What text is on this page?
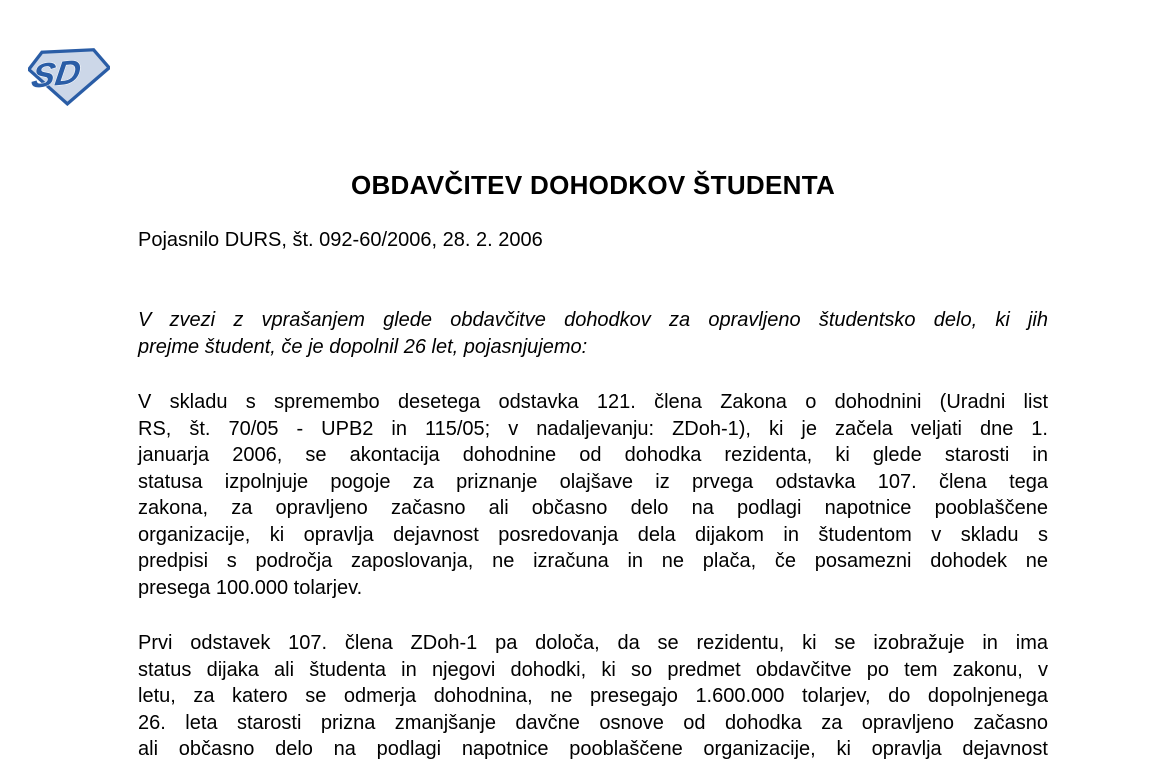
SD
OBDAVČITEV DOHODKOV ŠTUDENTA

Pojasnilo DURS, št. 092-60/2006, 28. 2. 2006

V zvezi z vprašanjem glede obdavčitve dohodkov za opravljeno študentsko delo, ki jih
prejme študent, če je dopolnil 26 let, pojasnjujemo:
V skladu s spremembo desetega odstavka 121. člena Zakona o dohodnini (Uradni list
RS, št. 70/05 - UPB2 in 115/05; v nadaljevanju: ZDoh-1), ki je začela veljati dne 1.
januarja 2006, se akontacija dohodnine od dohodka rezidenta, ki glede starosti in
statusa izpolnjuje pogoje za priznanje olajšave iz prvega odstavka 107. člena tega
zakona, za opravljeno začasno ali občasno delo na podlagi napotnice pooblaščene
organizacije, ki opravlja dejavnost posredovanja dela dijakom in študentom v skladu s
predpisi s področja zaposlovanja, ne izračuna in ne plača, če posamezni dohodek ne
presega 100.000 tolarjev.
Prvi odstavek 107. člena ZDoh-1 pa določa, da se rezidentu, ki se izobražuje in ima
status dijaka ali študenta in njegovi dohodki, ki so predmet obdavčitve po tem zakonu, v
letu, za katero se odmerja dohodnina, ne presegajo 1.600.000 tolarjev, do dopolnjenega
26. leta starosti prizna zmanjšanje davčne osnove od dohodka za opravljeno začasno
ali občasno delo na podlagi napotnice pooblaščene organizacije, ki opravlja dejavnost
